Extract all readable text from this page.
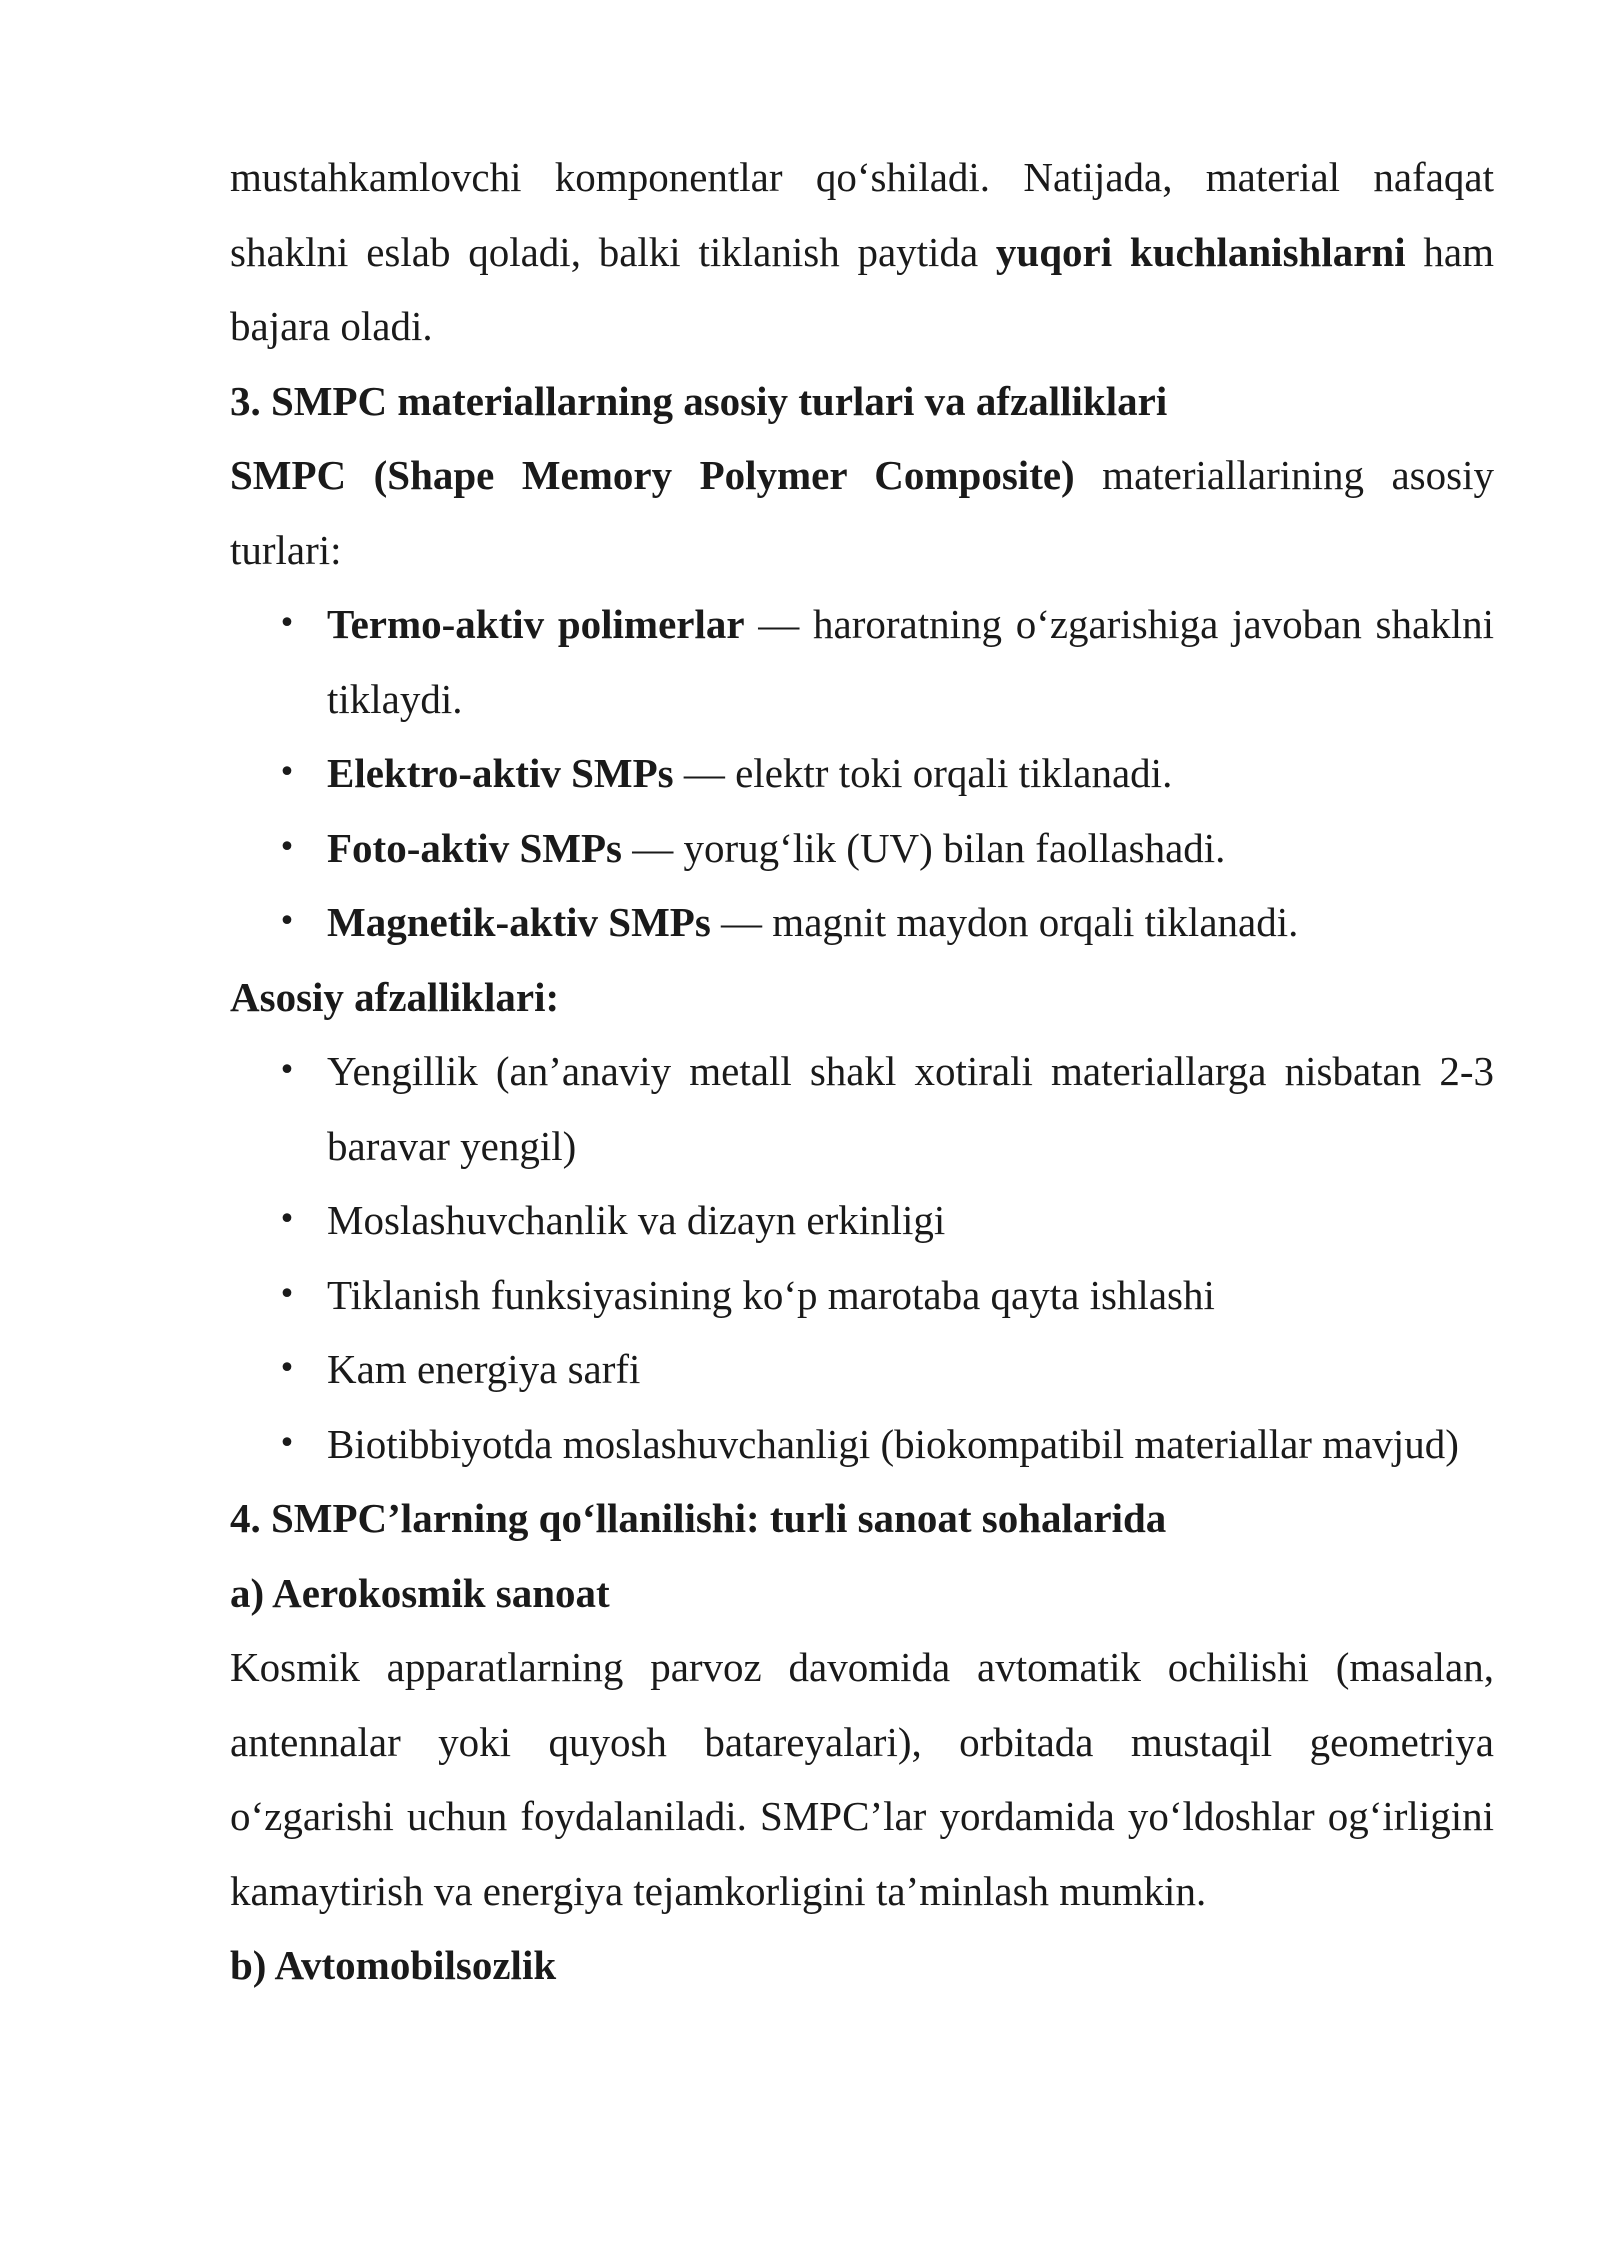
mustahkamlovchi komponentlar qo‘shiladi. Natijada, material nafaqat shaklni eslab qoladi, balki tiklanish paytida yuqori kuchlanishlarni ham bajara oladi.

3. SMPC materiallarning asosiy turlari va afzalliklari

SMPC (Shape Memory Polymer Composite) materiallarining asosiy turlari:

• Termo-aktiv polimerlar — haroratning o‘zgarishiga javoban shaklni tiklaydi.
• Elektro-aktiv SMPs — elektr toki orqali tiklanadi.
• Foto-aktiv SMPs — yorug‘lik (UV) bilan faollashadi.
• Magnetik-aktiv SMPs — magnit maydon orqali tiklanadi.

Asosiy afzalliklari:

• Yengillik (an’anaviy metall shakl xotirali materiallarga nisbatan 2-3 baravar yengil)
• Moslashuvchanlik va dizayn erkinligi
• Tiklanish funksiyasining ko‘p marotaba qayta ishlashi
• Kam energiya sarfi
• Biotibbiyotda moslashuvchanligi (biokompatibil materiallar mavjud)

4. SMPC’larning qo‘llanilishi: turli sanoat sohalarida

a) Aerokosmik sanoat

Kosmik apparatlarning parvoz davomida avtomatik ochilishi (masalan, antennalar yoki quyosh batareyalari), orbitada mustaqil geometriya o‘zgarishi uchun foydalaniladi. SMPC’lar yordamida yo‘ldoshlar og‘irligini kamaytirish va energiya tejamkorligini ta’minlash mumkin.

b) Avtomobilsozlik
